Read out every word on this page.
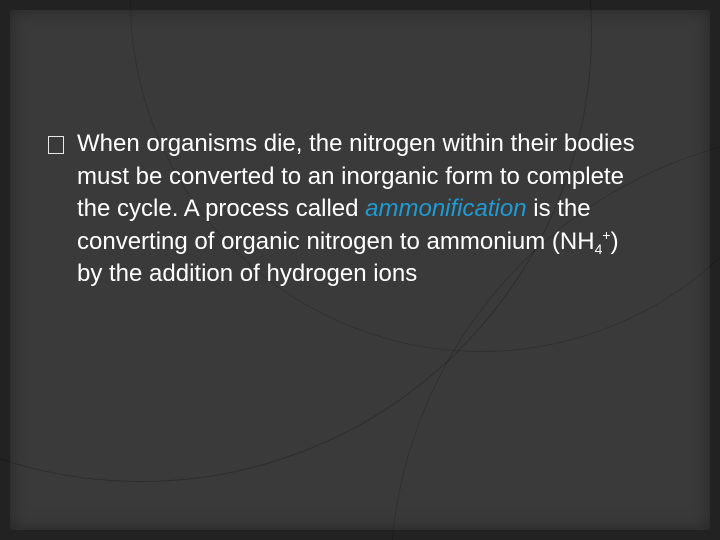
When organisms die, the nitrogen within their bodies must be converted to an inorganic form to complete the cycle. A process called ammonification is the converting of organic nitrogen to ammonium $(NH_4^+)$ by the addition of hydrogen ions
